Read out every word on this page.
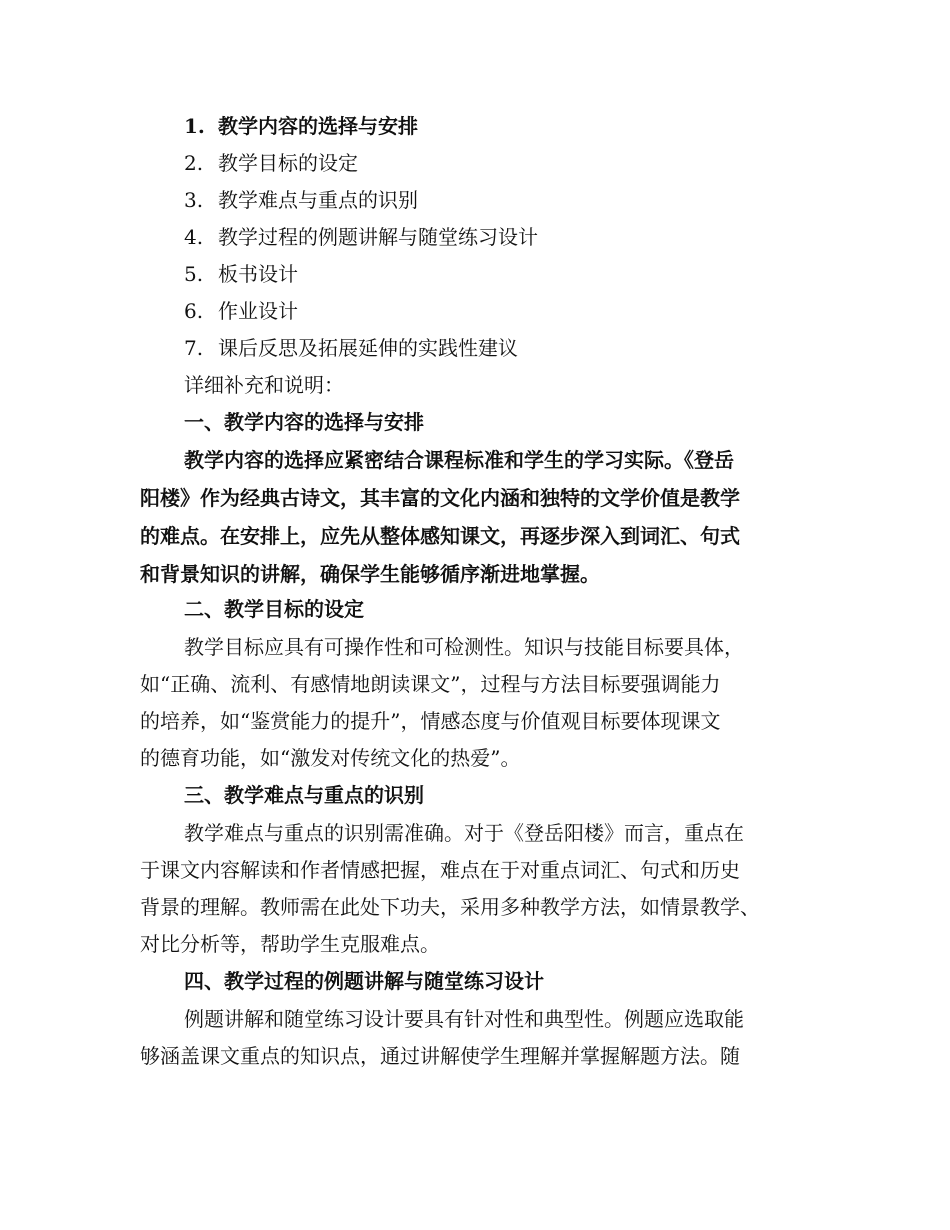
1. 教学内容的选择与安排
2. 教学目标的设定
3. 教学难点与重点的识别
4. 教学过程的例题讲解与随堂练习设计
5. 板书设计
6. 作业设计
7. 课后反思及拓展延伸的实践性建议
详细补充和说明：
一、教学内容的选择与安排
教学内容的选择应紧密结合课程标准和学生的学习实际。《登岳
阳楼》作为经典古诗文，其丰富的文化内涵和独特的文学价值是教学
的难点。在安排上，应先从整体感知课文，再逐步深入到词汇、句式
和背景知识的讲解，确保学生能够循序渐进地掌握。
二、教学目标的设定
教学目标应具有可操作性和可检测性。知识与技能目标要具体，
如“正确、流利、有感情地朗读课文”，过程与方法目标要强调能力
的培养，如“鉴赏能力的提升”，情感态度与价值观目标要体现课文
的德育功能，如“激发对传统文化的热爱”。
三、教学难点与重点的识别
教学难点与重点的识别需准确。对于《登岳阳楼》而言，重点在
于课文内容解读和作者情感把握，难点在于对重点词汇、句式和历史
背景的理解。教师需在此处下功夫，采用多种教学方法，如情景教学、
对比分析等，帮助学生克服难点。
四、教学过程的例题讲解与随堂练习设计
例题讲解和随堂练习设计要具有针对性和典型性。例题应选取能
够涵盖课文重点的知识点，通过讲解使学生理解并掌握解题方法。随
